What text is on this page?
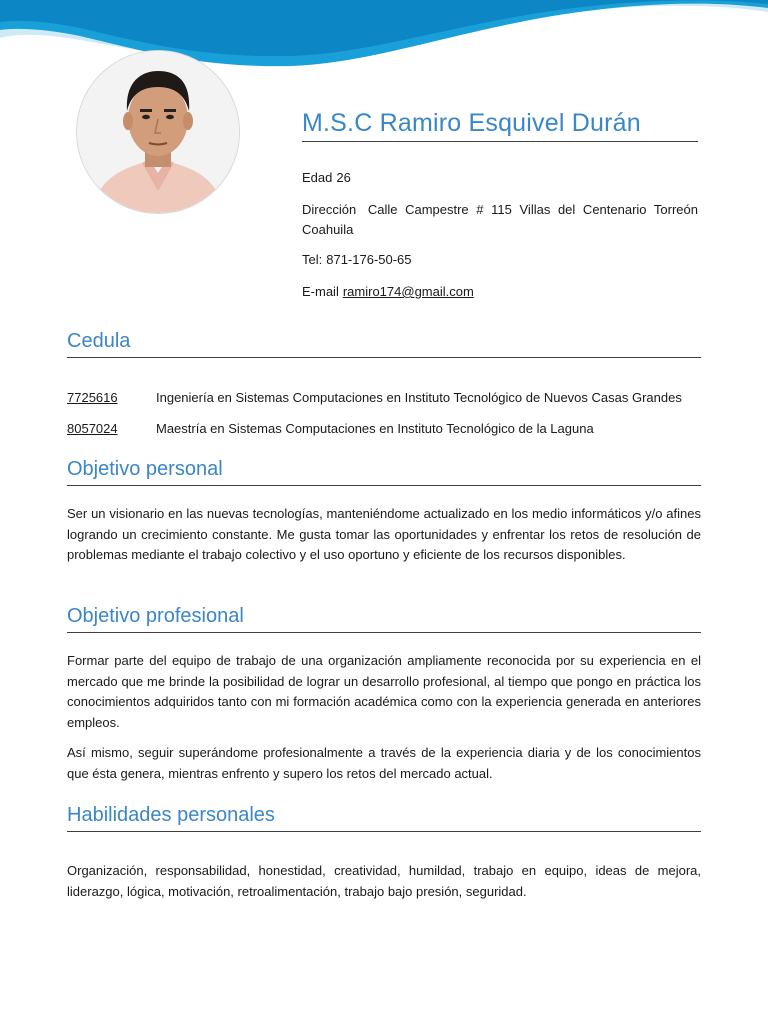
M.S.C Ramiro Esquivel Durán
Edad 26
Dirección Calle Campestre # 115 Villas del Centenario Torreón Coahuila
Tel: 871-176-50-65
E-mail ramiro174@gmail.com
Cedula
7725616	Ingeniería en Sistemas Computaciones en Instituto Tecnológico de Nuevos Casas Grandes
8057024	Maestría en Sistemas Computaciones en Instituto Tecnológico de la Laguna
Objetivo personal
Ser un visionario en las nuevas tecnologías, manteniéndome actualizado en los medio informáticos y/o afines logrando un crecimiento constante. Me gusta tomar las oportunidades y enfrentar los retos de resolución de problemas mediante el trabajo colectivo y el uso oportuno y eficiente de los recursos disponibles.
Objetivo profesional
Formar parte del equipo de trabajo de una organización ampliamente reconocida por su experiencia en el mercado que me brinde la posibilidad de lograr un desarrollo profesional, al tiempo que pongo en práctica los conocimientos adquiridos tanto con mi formación académica como con la experiencia generada en anteriores empleos.
Así mismo, seguir superándome profesionalmente a través de la experiencia diaria y de los conocimientos que ésta genera, mientras enfrento y supero los retos del mercado actual.
Habilidades personales
Organización, responsabilidad, honestidad, creatividad, humildad, trabajo en equipo, ideas de mejora, liderazgo, lógica, motivación, retroalimentación, trabajo bajo presión, seguridad.
